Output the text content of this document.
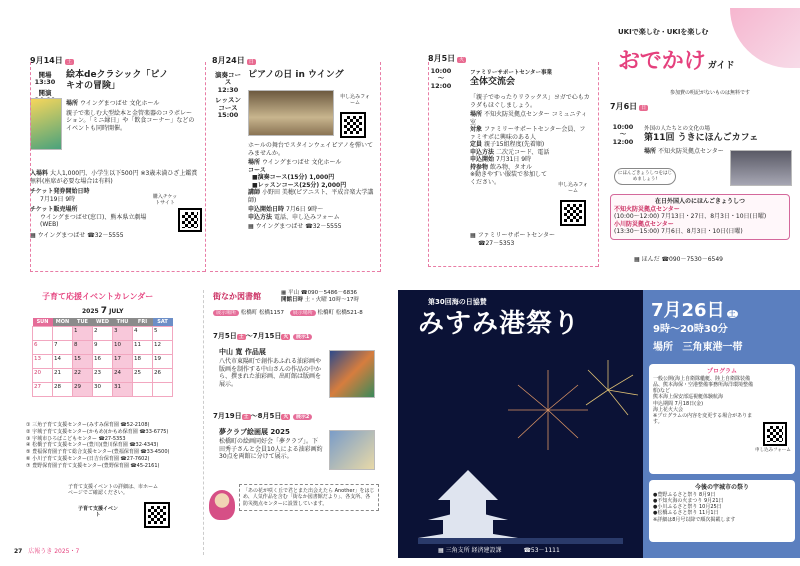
9月14日 土
開場
13:30
開演
絵本deクラシック「ピノキオの冒険」
場所 ウイングまつばせ 文化ホール
親子で楽しむ大型絵本と金管楽器のコラボレーション。「ミニ縁日」や「飲食コーナー」などのイベントも同時開催。
入場料 大人1,000円、小学生以下500円 ※3歳未満ひざ上鑑賞無料(座席が必要な場合は有料)
チケット発券開始日時
7月19日 9時
チケット販売場所
ウイングまつばせ(窓口)、熊本県立劇場(WEB)
▦ ウイングまつばせ ☎32－5555
購入チケットサイト
8月24日 日
演奏コース
12:30
レッスンコース
15:00
ピアノの日 in ウイング
申し込みフォーム
ホールの舞台でスタインウェイピアノを弾いてみませんか。
場所 ウイングまつばせ 文化ホール
コース
■演奏コース(15分) 1,000円
■レッスンコース(25分) 2,000円
講師 小野田 美穂(ピアニスト、平成音楽大学講師)
申込開始日時 7月6日 9時～
申込方法 電話、申し込みフォーム
▦ ウイングまつばせ ☎32－5555
8月5日 火
10:00
～
12:00
ファミリーサポートセンター事業
全体交流会
「親子でゆったりリラックス」ヨガで心もカラダもほぐしましょう。
場所 不知火防災拠点センター コミュニティ室
対象 ファミリーサポートセンター会員、ファミサポに興味のある人
定員 親子15組程度(先着順)
申込方法 二次元コード、電話
申込開始 7月31日 9時
持参物 飲み物、タオル
※動きやすい服装で参加してください。	申し込みフォーム
▦ ファミリーサポートセンター
☎27－5353
UKIで楽しむ・UKIを楽しむ
おでかけ ガイド
参加費の明記がないものは無料です
7月6日 日
10:00
～
12:00
外国の人たちとの文化の場
第11回 うきにほんごカフェ
場所 不知火防災拠点センター
にほんごきょうしつをはじめましょう!
在日外国人のにほんごきょうしつ
不知火防災拠点センター
(10:00～12:00) 7月13日・27日、8月3日・10日(日曜)
小川防災拠点センター
(13:30～15:00) 7月6日、8月3日・10日(日曜)
▦ ほんだ ☎090－7530－6549
子育て応援イベントカレンダー
2025 7 JULY
SUN	MON	TUE	WED	THU	FRI	SAT
		1	2	3	4	5
6	7	8	9	10	11	12
13	14	15	16	17	18	19
20	21	22	23	24	25	26
27	28	29	30	31		
① 三角子育て支援センター(みすみ保育園 ☎52-2108)
② 宇城子育て支援センター(かもめ)(かもめ保育園 ☎33-6775)
③ 宇城市ひろばこどもセンター ☎27-5353
④ 松橋子育て支援センター(豊川)(豊川保育園 ☎32-4343)
⑤ 豊福保育園子育て総合支援センター(豊福保育園 ☎33-4500)
⑥ 小川子育て支援センター(日吉台保育園 ☎27-7602)
⑦ 豊野保育園子育て支援センター(豊野保育園 ☎45-2161)
子育て支援イベントの詳細は、市ホームページでご確認ください。
子育て支援イベント
27 広報うき 2025・7
街なか図書館	▦ 平山 ☎090－5486－6836
開館日時 土・火曜 10時～17時
展示場所 松橋町 松橋1157 展示場所 松橋町 松橋521-8
7月5日 土 ～7月15日 火 展示1
中山 寛 作品展
八代市東陽町で創作あふれる油彩画や版画を制作する中山さんの作品の中から、撰まれた油彩画、出町館は版画を展示。
7月19日 土 ～8月5日 火 展示2
夢クラブ絵画展 2025
松橋町の絵画同好会「夢クラブ」。下田秀子さんと会員10人による油彩画約30点を両館に分けて展示。
「あの花が咲く丘で君とまた出会えたら Another」をはじめ、人気作品を含む「街なか図書館だより」、各支所、各防災拠点センターに設置しています。
第30回海の日協賛
みすみ港祭り
▦ 三角支所 経済建設課	☎53－1111
7月26日 土
9時～20時30分
場所 三角東港一帯
プログラム
一般公開(海上自衛隊艦艇、陸上自衛隊装備品、熊本海保・空港整備事務所海洋環境整備船)など
熊本海上保安部巡視艇体験航海
申込期間 7月18日(金)
海上花火大会
※プログラムの内容を変更する場合があります。
申し込みフォーム
今後の宇城市の祭り
●豊野ふるさと祭り 8月9日
●不知火海の火まつり 9月21日
●小川ふるさと祭り 10月25日
●松橋ふるさと祭り 11月1日
※詳細は8月号以降で順次掲載します
